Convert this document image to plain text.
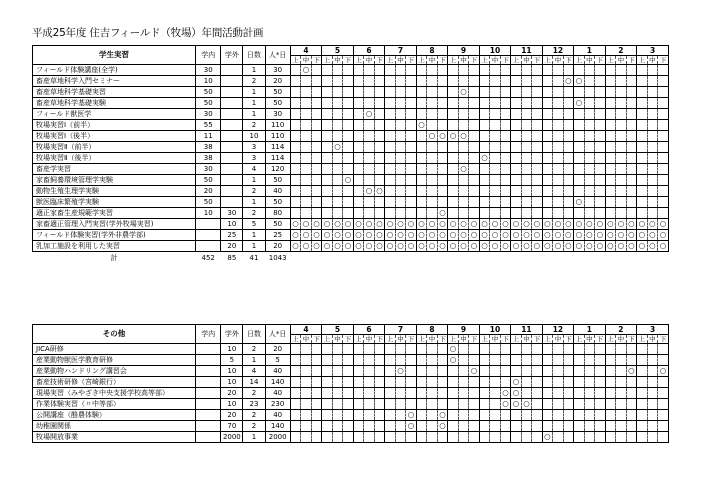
平成25年度 住吉フィールド（牧場）年間活動計画
学生実習	学内	学外	日数	人*日	4			5			6			7			8			9			10			11			12			1			2			3		
					上	中	下	上	中	下	上	中	下	上	中	下	上	中	下	上	中	下	上	中	下	上	中	下	上	中	下	上	中	下	上	中	下	上	中	下
フィールド体験講座(全学)	30		1	30		○																																		
畜産草地科学入門セミナー	10		2	20																											○	○								
畜産草地科学基礎実習	50		1	50																	○																			
畜産草地科学基礎実験	50		1	50																												○								
フィールド獣医学	30		1	30								○																												
牧場実習Ⅰ（前半）	55		2	110													○																							
牧場実習Ⅰ（後半）	11		10	110														○	○	○	○																			
牧場実習Ⅱ（前半）	38		3	114					○																															
牧場実習Ⅱ（後半）	38		3	114																			○																	
畜産学実習	30		4	120																	○																			
家畜飼養環境管理学実験	50		1	50						○																														
動物生殖生理学実験	20		2	40								○	○																											
獣医臨床繁殖学実験	50		1	50																												○								
適正家畜生産規範学実習	10	30	2	80															○																					
家畜適正管理入門実習(学外牧場実習)		10	5	50	○	○	○	○	○	○	○	○	○	○	○	○	○	○	○	○	○	○	○	○	○	○	○	○	○	○	○	○	○	○	○	○	○	○	○	○
フィールド体験実習(学外非農学部)		25	1	25	○	○	○	○	○	○	○	○	○	○	○	○	○	○	○	○	○	○	○	○	○	○	○	○	○	○	○	○	○	○	○	○	○	○	○	○
乳加工施設を利用した実習		20	1	20	○	○	○	○	○	○	○	○	○	○	○	○	○	○	○	○	○	○	○	○	○	○	○	○	○	○	○	○	○	○	○	○	○	○	○	○
計	452	85	41	1043																																				
その他	学内	学外	日数	人*日	4			5			6			7			8			9			10			11			12			1			2			3		
					上	中	下	上	中	下	上	中	下	上	中	下	上	中	下	上	中	下	上	中	下	上	中	下	上	中	下	上	中	下	上	中	下	上	中	下
JICA研修		10	2	20																○																				
産業動物獣医学教育研修		5	1	5																○																				
産業動物ハンドリング講習会		10	4	40											○							○															○			○
畜産技術研修（宮崎銀行）		10	14	140																						○														
現場実習（みやざき中央支援学校高等部）		20	2	40																					○	○														
作業体験実習（〃中等部）		10	23	230																					○	○	○													
公開講座（酪農体験）		20	2	40												○			○																					
幼稚園関係		70	2	140												○			○																					
牧場開放事業		2000	1	2000																									○											
